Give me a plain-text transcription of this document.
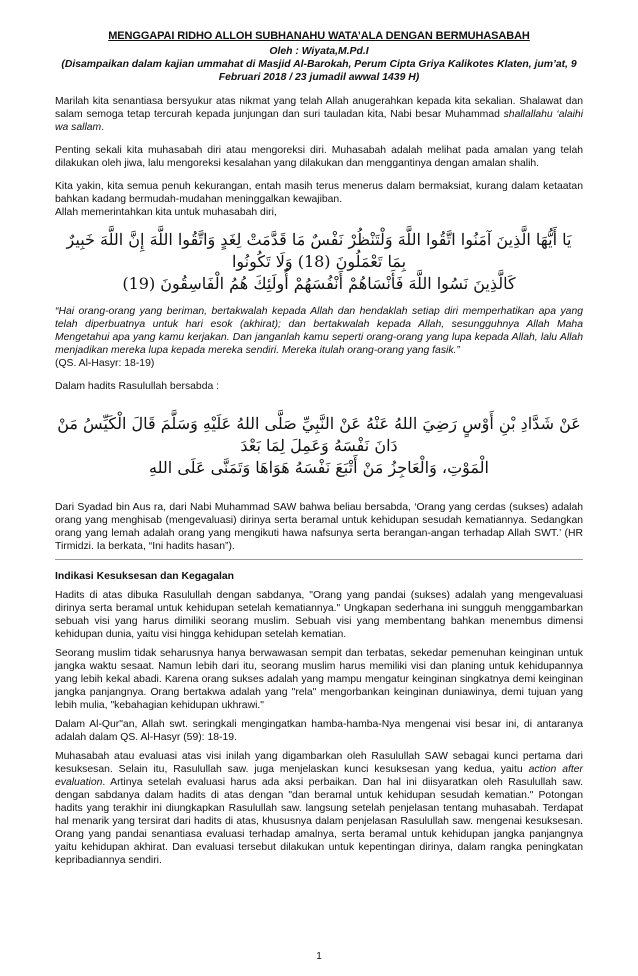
MENGGAPAI RIDHO ALLOH SUBHANAHU WATA’ALA DENGAN BERMUHASABAH
Oleh : Wiyata,M.Pd.I
(Disampaikan dalam kajian ummahat di Masjid Al-Barokah, Perum Cipta Griya Kalikotes Klaten, jum’at, 9 Februari 2018 / 23 jumadil awwal 1439 H)

Marilah kita senantiasa bersyukur atas nikmat yang telah Allah anugerahkan kepada kita sekalian. Shalawat dan salam semoga tetap tercurah kepada junjungan dan suri tauladan kita, Nabi besar Muhammad shallallahu ‘alaihi wa sallam.

Penting sekali kita muhasabah diri atau mengoreksi diri. Muhasabah adalah melihat pada amalan yang telah dilakukan oleh jiwa, lalu mengoreksi kesalahan yang dilakukan dan menggantinya dengan amalan shalih.

Kita yakin, kita semua penuh kekurangan, entah masih terus menerus dalam bermaksiat, kurang dalam ketaatan bahkan kadang bermudah-mudahan meninggalkan kewajiban.

Allah memerintahkan kita untuk muhasabah diri,

يَا أَيُّهَا الَّذِينَ آمَنُوا اتَّقُوا اللَّهَ وَلْتَنْظُرْ نَفْسٌ مَا قَدَّمَتْ لِغَدٍ وَاتَّقُوا اللَّهَ إِنَّ اللَّهَ خَبِيرٌ بِمَا تَعْمَلُونَ (18) وَلَا تَكُونُوا
كَالَّذِينَ نَسُوا اللَّهَ فَأَنْسَاهُمْ أَنْفُسَهُمْ أُولَئِكَ هُمُ الْفَاسِقُونَ (19)

“Hai orang-orang yang beriman, bertakwalah kepada Allah dan hendaklah setiap diri memperhatikan apa yang telah diperbuatnya untuk hari esok (akhirat); dan bertakwalah kepada Allah, sesungguhnya Allah Maha Mengetahui apa yang kamu kerjakan. Dan janganlah kamu seperti orang-orang yang lupa kepada Allah, lalu Allah menjadikan mereka lupa kepada mereka sendiri. Mereka itulah orang-orang yang fasik.”

(QS. Al-Hasyr: 18-19)

Dalam hadits Rasulullah bersabda :

عَنْ شَدَّادِ بْنِ أَوْسٍ رَضِيَ اللهُ عَنْهُ عَنْ النَّبِيِّ صَلَّى اللهُ عَلَيْهِ وَسَلَّمَ قَالَ الْكَيِّسُ مَنْ دَانَ نَفْسَهُ وَعَمِلَ لِمَا بَعْدَ
الْمَوْتِ، وَالْعَاجِزُ مَنْ أَتْبَعَ نَفْسَهُ هَوَاهَا وَتَمَنَّى عَلَى اللهِ

Dari Syadad bin Aus ra, dari Nabi Muhammad SAW bahwa beliau bersabda, ‘Orang yang cerdas (sukses) adalah orang yang menghisab (mengevaluasi) dirinya serta beramal untuk kehidupan sesudah kematiannya. Sedangkan orang yang lemah adalah orang yang mengikuti hawa nafsunya serta berangan-angan terhadap Allah SWT.’ (HR Tirmidzi. Ia berkata, “Ini hadits hasan”).

Indikasi Kesuksesan dan Kegagalan

Hadits di atas dibuka Rasulullah dengan sabdanya, "Orang yang pandai (sukses) adalah yang mengevaluasi dirinya serta beramal untuk kehidupan setelah kematiannya." Ungkapan sederhana ini sungguh menggambarkan sebuah visi yang harus dimiliki seorang muslim. Sebuah visi yang membentang bahkan menembus dimensi kehidupan dunia, yaitu visi hingga kehidupan setelah kematian.

Seorang muslim tidak seharusnya hanya berwawasan sempit dan terbatas, sekedar pemenuhan keinginan untuk jangka waktu sesaat. Namun lebih dari itu, seorang muslim harus memiliki visi dan planing untuk kehidupannya yang lebih kekal abadi. Karena orang sukses adalah yang mampu mengatur keinginan singkatnya demi keinginan jangka panjangnya. Orang bertakwa adalah yang "rela" mengorbankan keinginan duniawinya, demi tujuan yang lebih mulia, "kebahagian kehidupan ukhrawi."

Dalam Al-Qur"an, Allah swt. seringkali mengingatkan hamba-hamba-Nya mengenai visi besar ini, di antaranya adalah dalam QS. Al-Hasyr (59): 18-19.

Muhasabah atau evaluasi atas visi inilah yang digambarkan oleh Rasulullah SAW sebagai kunci pertama dari kesuksesan. Selain itu, Rasulullah saw. juga menjelaskan kunci kesuksesan yang kedua, yaitu action after evaluation. Artinya setelah evaluasi harus ada aksi perbaikan. Dan hal ini diisyaratkan oleh Rasulullah saw. dengan sabdanya dalam hadits di atas dengan "dan beramal untuk kehidupan sesudah kematian." Potongan hadits yang terakhir ini diungkapkan Rasulullah saw. langsung setelah penjelasan tentang muhasabah. Terdapat hal menarik yang tersirat dari hadits di atas, khususnya dalam penjelasan Rasulullah saw. mengenai kesuksesan. Orang yang pandai senantiasa evaluasi terhadap amalnya, serta beramal untuk kehidupan jangka panjangnya yaitu kehidupan akhirat. Dan evaluasi tersebut dilakukan untuk kepentingan dirinya, dalam rangka peningkatan kepribadiannya sendiri.

1
